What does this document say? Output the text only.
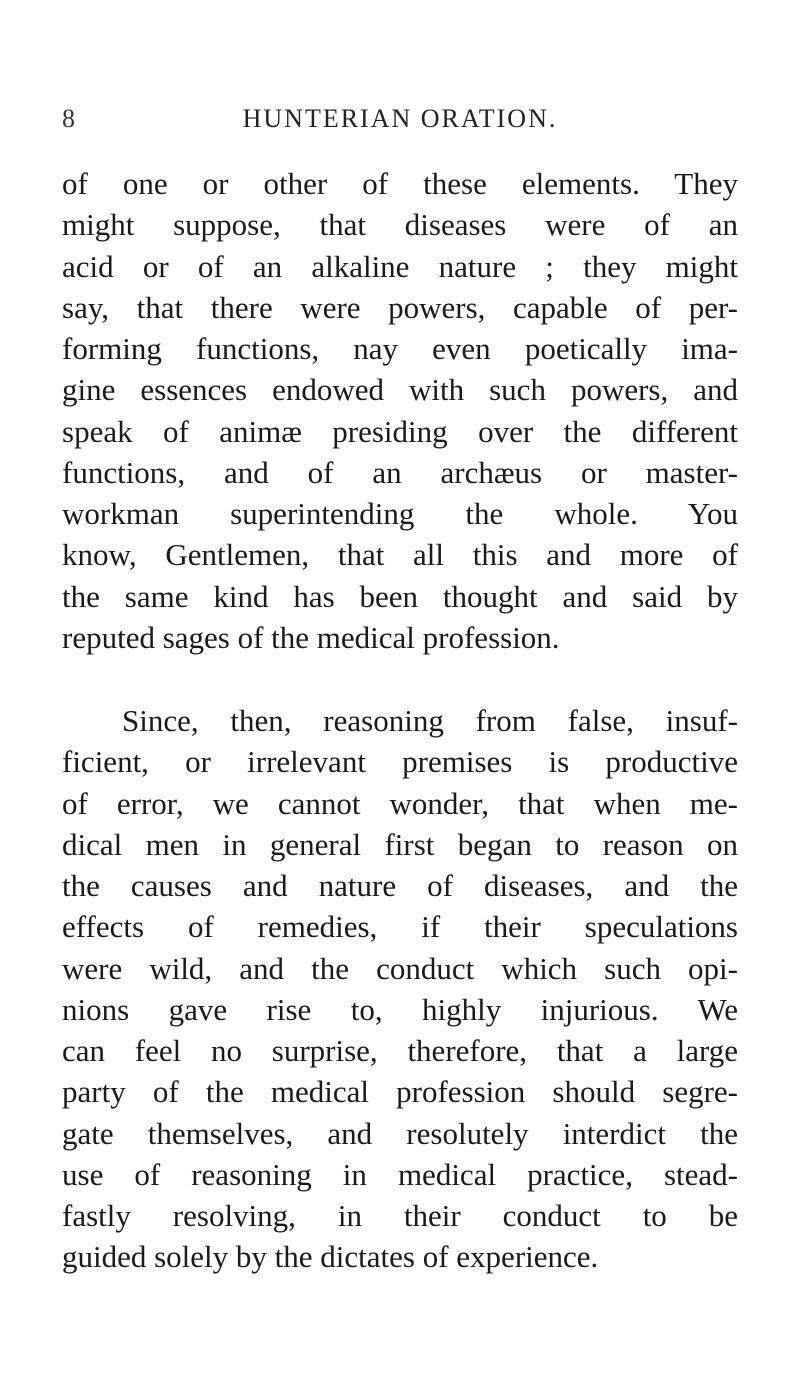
8	HUNTERIAN ORATION.

of one or other of these elements. They
might suppose, that diseases were of an
acid or of an alkaline nature ; they might
say, that there were powers, capable of per-
forming functions, nay even poetically ima-
gine essences endowed with such powers, and
speak of animæ presiding over the different
functions, and of an archæus or master-
workman superintending the whole. You
know, Gentlemen, that all this and more of
the same kind has been thought and said by
reputed sages of the medical profession.

Since, then, reasoning from false, insuf-
ficient, or irrelevant premises is productive
of error, we cannot wonder, that when me-
dical men in general first began to reason on
the causes and nature of diseases, and the
effects of remedies, if their speculations
were wild, and the conduct which such opi-
nions gave rise to, highly injurious. We
can feel no surprise, therefore, that a large
party of the medical profession should segre-
gate themselves, and resolutely interdict the
use of reasoning in medical practice, stead-
fastly resolving, in their conduct to be
guided solely by the dictates of experience.
